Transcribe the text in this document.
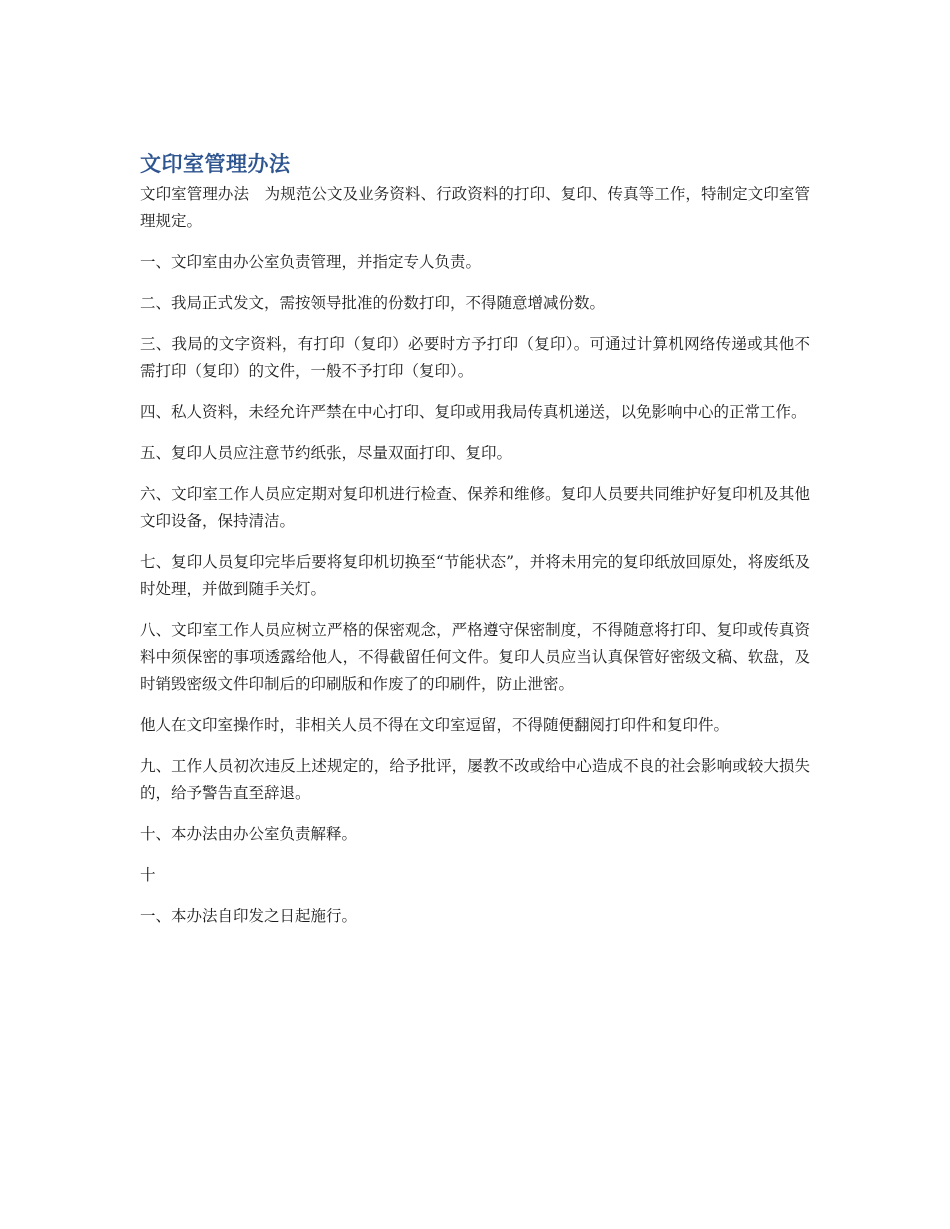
文印室管理办法

文印室管理办法　为规范公文及业务资料、行政资料的打印、复印、传真等工作，特制定文印室管理规定。

一、文印室由办公室负责管理，并指定专人负责。

二、我局正式发文，需按领导批准的份数打印，不得随意增减份数。

三、我局的文字资料，有打印（复印）必要时方予打印（复印）。可通过计算机网络传递或其他不需打印（复印）的文件，一般不予打印（复印）。

四、私人资料，未经允许严禁在中心打印、复印或用我局传真机递送，以免影响中心的正常工作。

五、复印人员应注意节约纸张，尽量双面打印、复印。

六、文印室工作人员应定期对复印机进行检查、保养和维修。复印人员要共同维护好复印机及其他文印设备，保持清洁。

七、复印人员复印完毕后要将复印机切换至“节能状态”，并将未用完的复印纸放回原处，将废纸及时处理，并做到随手关灯。

八、文印室工作人员应树立严格的保密观念，严格遵守保密制度，不得随意将打印、复印或传真资料中须保密的事项透露给他人，不得截留任何文件。复印人员应当认真保管好密级文稿、软盘，及时销毁密级文件印制后的印刷版和作废了的印刷件，防止泄密。

他人在文印室操作时，非相关人员不得在文印室逗留，不得随便翻阅打印件和复印件。

九、工作人员初次违反上述规定的，给予批评，屡教不改或给中心造成不良的社会影响或较大损失的，给予警告直至辞退。

十、本办法由办公室负责解释。

十

一、本办法自印发之日起施行。
